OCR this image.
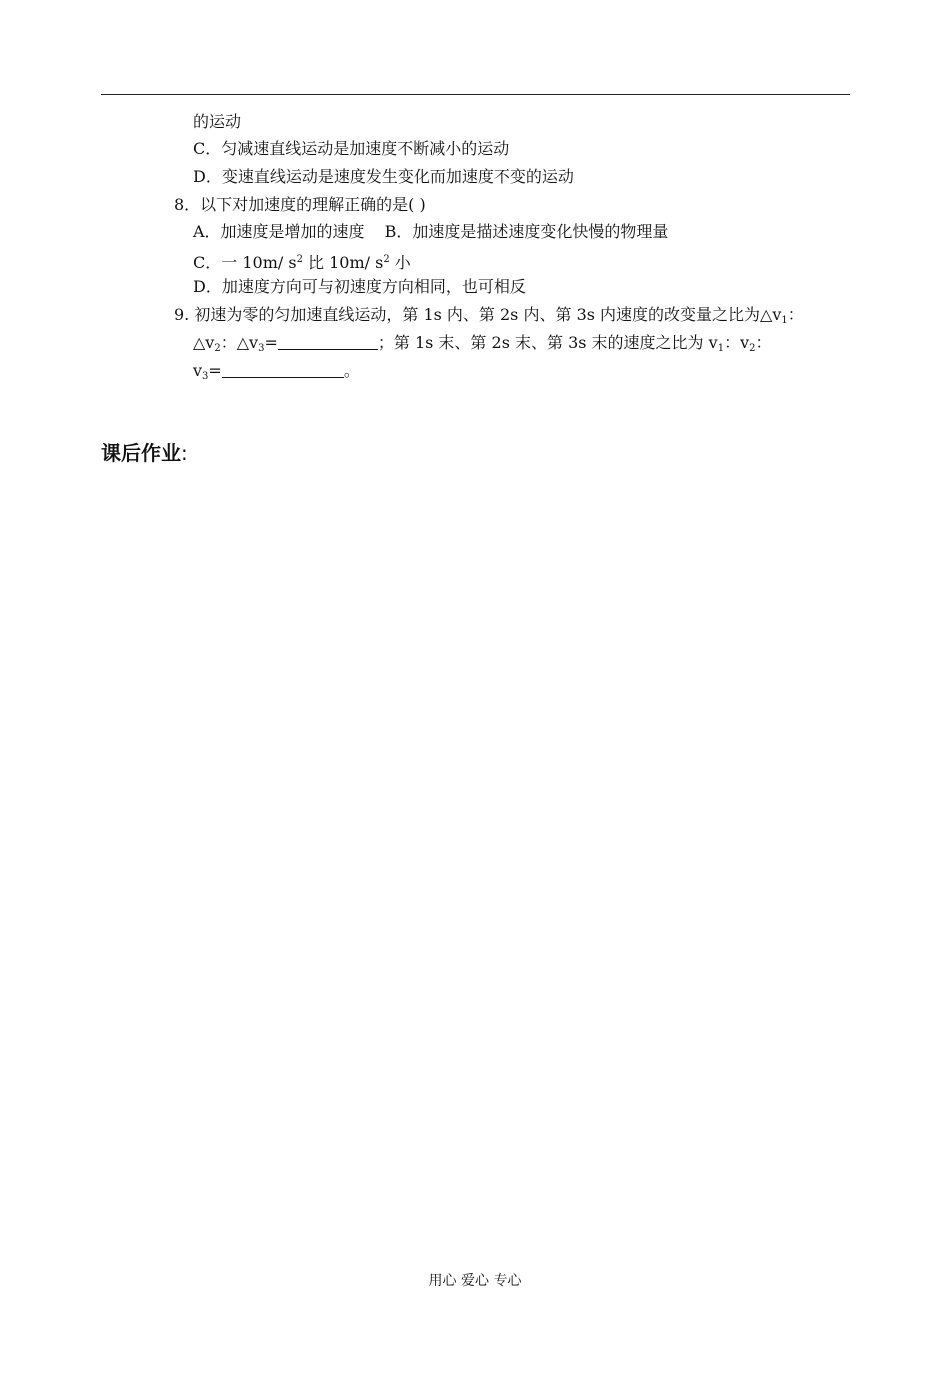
的运动
C．匀减速直线运动是加速度不断减小的运动
D．变速直线运动是速度发生变化而加速度不变的运动
8．以下对加速度的理解正确的是( )
A．加速度是增加的速度 B．加速度是描述速度变化快慢的物理量
C．一 10m/ $s^2$ 比 10m/ $s^2$ 小
D．加速度方向可与初速度方向相同，也可相反
9. 初速为零的匀加速直线运动，第 1s 内、第 2s 内、第 3s 内速度的改变量之比为$\triangle v_1$：
$\triangle v_2$：$\triangle v_3=$	；第 1s 末、第 2s 末、第 3s 末的速度之比为 $v_1$：$v_2$：
$v_3=$	。
课后作业:
用心 爱心 专心
